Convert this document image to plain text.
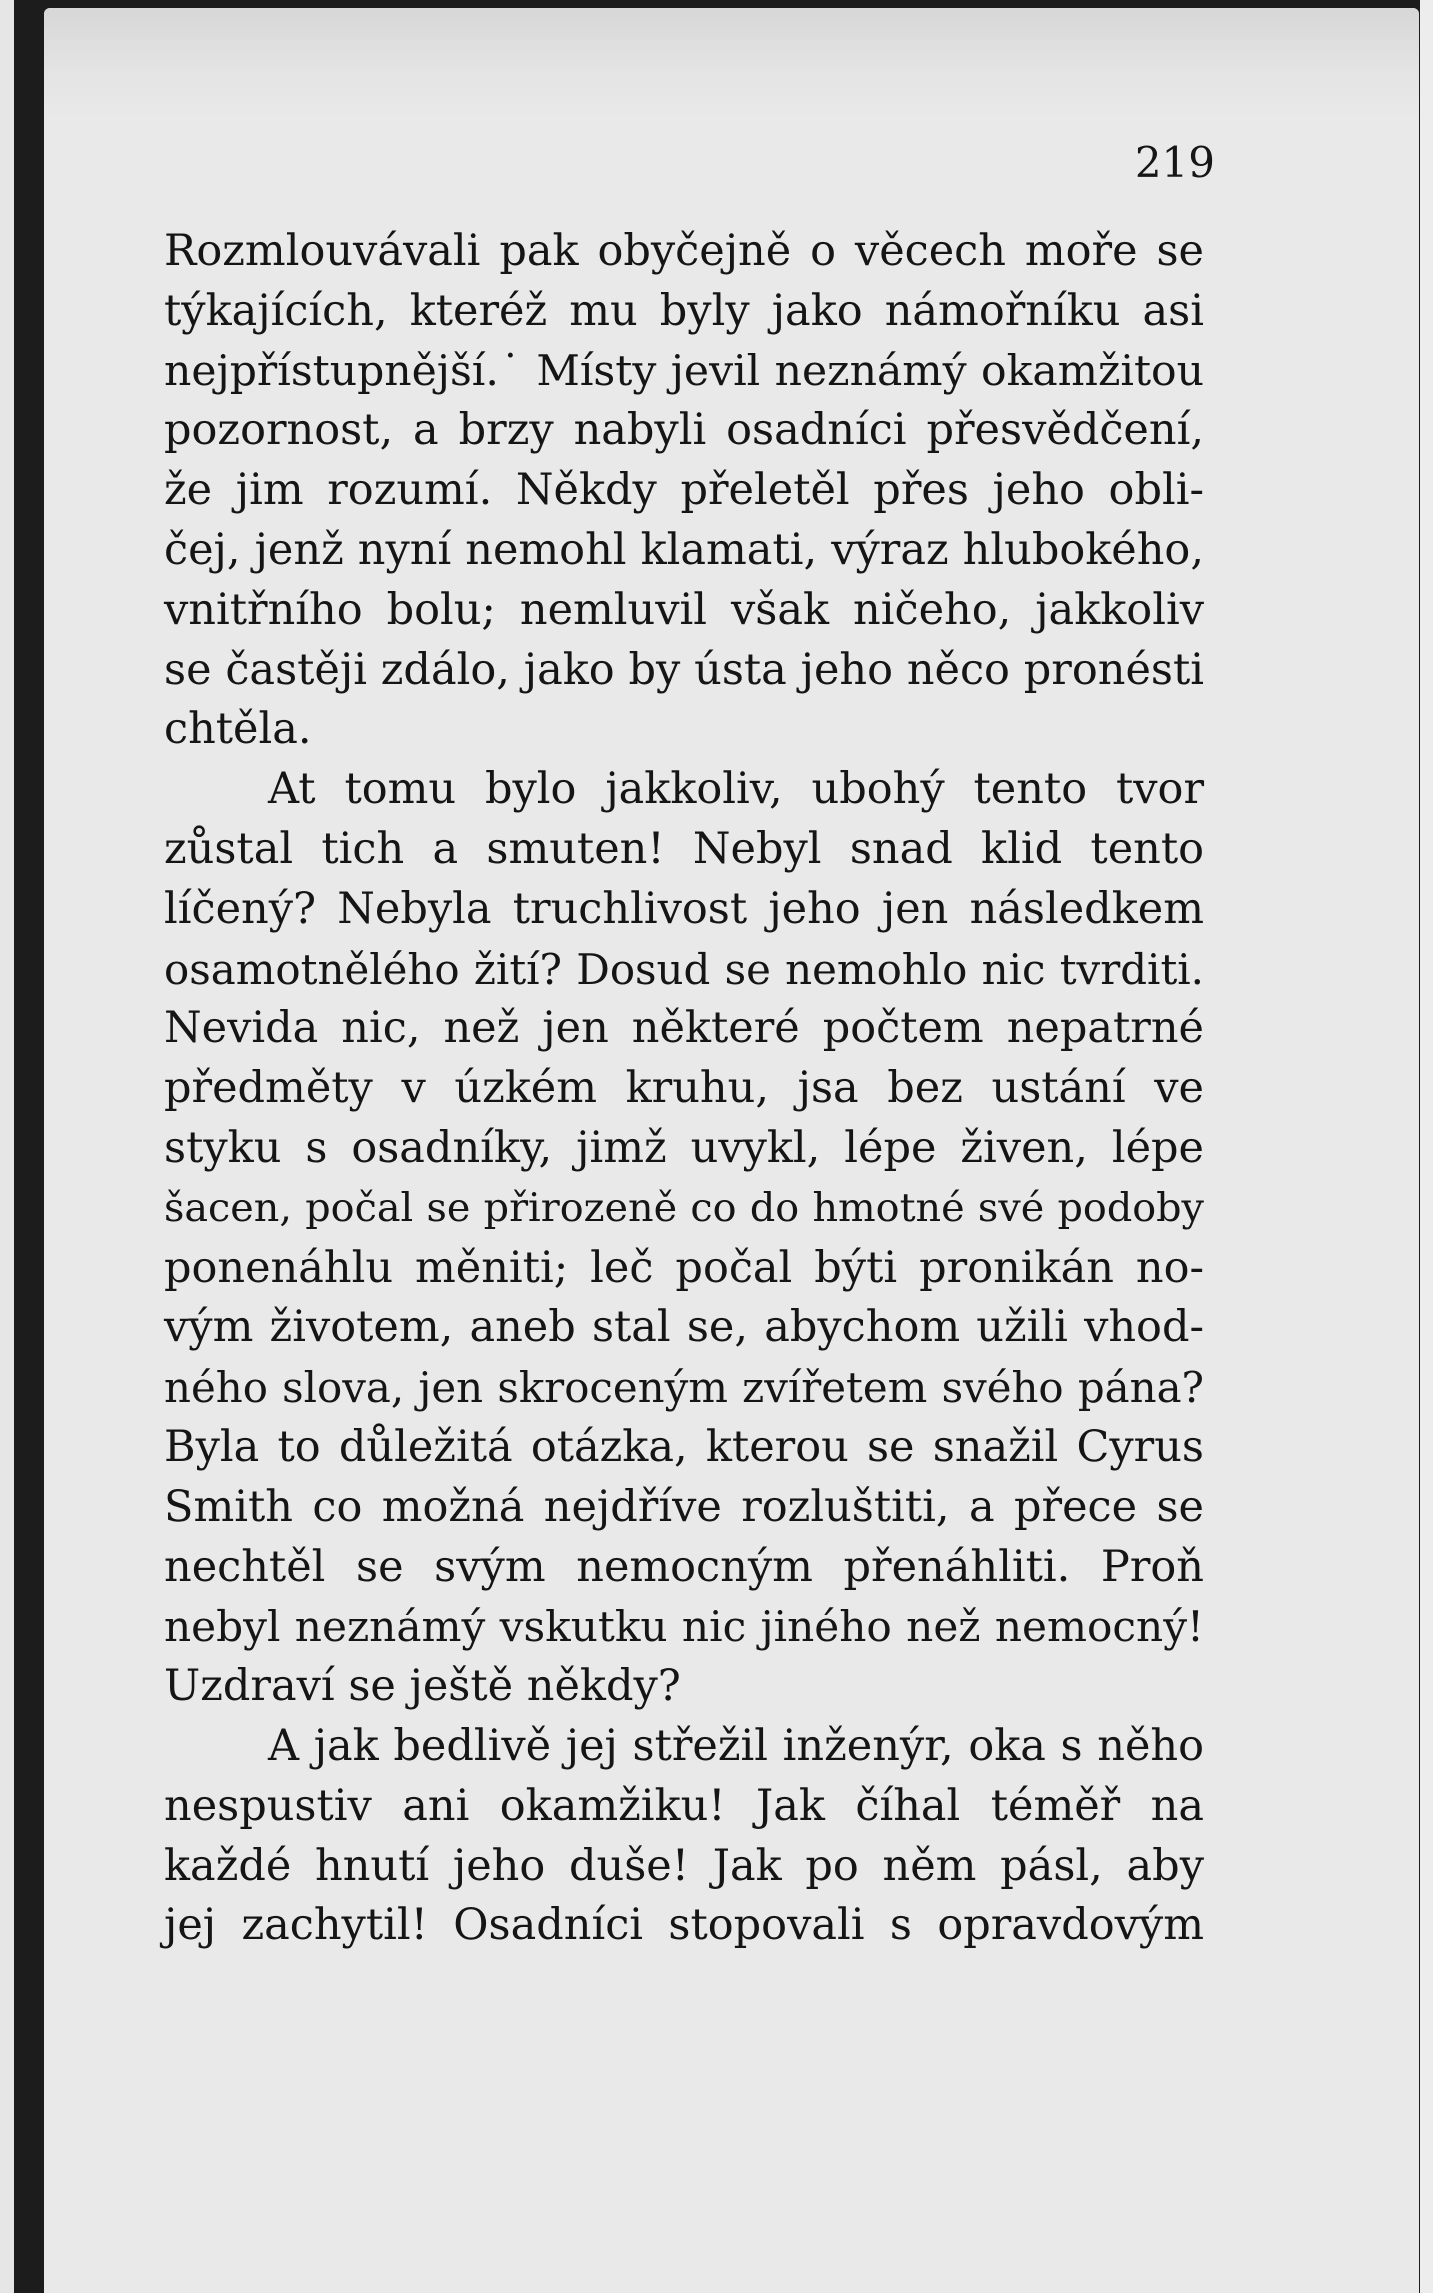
219
Rozmlouvávali pak obyčejně o věcech moře se
týkajících, kteréž mu byly jako námořníku asi
nejpřístupnější.˙ Místy jevil neznámý okamžitou
pozornost, a brzy nabyli osadníci přesvědčení,
že jim rozumí. Někdy přeletěl přes jeho obli-
čej, jenž nyní nemohl klamati, výraz hlubokého,
vnitřního bolu; nemluvil však ničeho, jakkoliv
se častěji zdálo, jako by ústa jeho něco pronésti
chtěla.
At tomu bylo jakkoliv, ubohý tento tvor
zůstal tich a smuten! Nebyl snad klid tento
líčený? Nebyla truchlivost jeho jen následkem
osamotnělého žití? Dosud se nemohlo nic tvrditi.
Nevida nic, než jen některé počtem nepatrné
předměty v úzkém kruhu, jsa bez ustání ve
styku s osadníky, jimž uvykl, lépe živen, lépe
šacen, počal se přirozeně co do hmotné své podoby
ponenáhlu měniti; leč počal býti pronikán no-
vým životem, aneb stal se, abychom užili vhod-
ného slova, jen skroceným zvířetem svého pána?
Byla to důležitá otázka, kterou se snažil Cyrus
Smith co možná nejdříve rozluštiti, a přece se
nechtěl se svým nemocným přenáhliti. Proň
nebyl neznámý vskutku nic jiného než nemocný!
Uzdraví se ještě někdy?
A jak bedlivě jej střežil inženýr, oka s něho
nespustiv ani okamžiku! Jak číhal téměř na
každé hnutí jeho duše! Jak po něm pásl, aby
jej zachytil! Osadníci stopovali s opravdovým
